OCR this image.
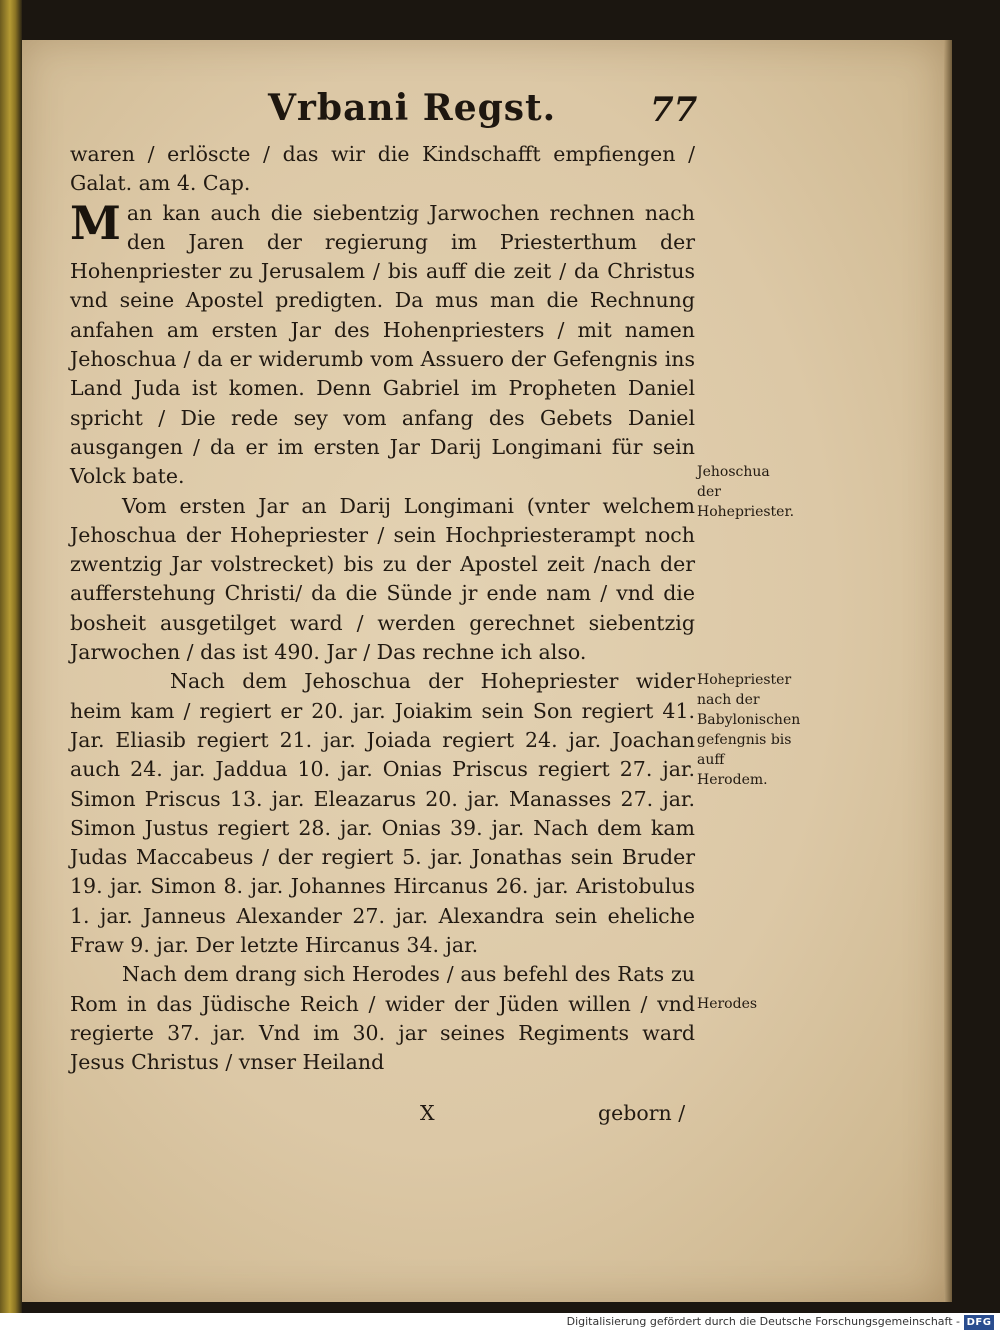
Vrbani Regst.	77

waren / erlöscte / das wir die Kindschafft empfiengen / Galat. am 4. Cap.

Man kan auch die siebentzig Jarwochen rechnen nach den Jaren der regierung im Priesterthum der Hohenpriester zu Jerusalem / bis auff die zeit / da Christus vnd seine Apostel predigten. Da mus man die Rechnung anfahen am ersten Jar des Hohenpriesters / mit namen Jehoschua / da er widerumb vom Assuero der Gefengnis ins Land Juda ist komen. Denn Gabriel im Propheten Daniel spricht / Die rede sey vom anfang des Gebets Daniel ausgangen / da er im ersten Jar Darij Longimani für sein Volck bate.

Vom ersten Jar an Darij Longimani (vnter welchem Jehoschua der Hohepriester / sein Hochpriesterampt noch zwentzig Jar volstrecket) bis zu der Apostel zeit /nach der aufferstehung Christi/ da die Sünde jr ende nam / vnd die bosheit ausgetilget ward / werden gerechnet siebentzig Jarwochen / das ist 490. Jar / Das rechne ich also.

Nach dem Jehoschua der Hohepriester wider heim kam / regiert er 20. jar. Joiakim sein Son regiert 41. Jar. Eliasib regiert 21. jar. Joiada regiert 24. jar. Joachan auch 24. jar. Jaddua 10. jar. Onias Priscus regiert 27. jar. Simon Priscus 13. jar. Eleazarus 20. jar. Manasses 27. jar. Simon Justus regiert 28. jar. Onias 39. jar. Nach dem kam Judas Maccabeus / der regiert 5. jar. Jonathas sein Bruder 19. jar. Simon 8. jar. Johannes Hircanus 26. jar. Aristobulus 1. jar. Janneus Alexander 27. jar. Alexandra sein eheliche Fraw 9. jar. Der letzte Hircanus 34. jar.

Nach dem drang sich Herodes / aus befehl des Rats zu Rom in das Jüdische Reich / wider der Jüden willen / vnd regierte 37. jar. Vnd im 30. jar seines Regiments ward Jesus Christus / vnser Heiland

Jehoschua der Hohepriester.
Hohepriester nach der Babylonischen gefengnis bis auff Herodem.
Herodes
X	geborn /
Digitalisierung gefördert durch die Deutsche Forschungsgemeinschaft - DFG
